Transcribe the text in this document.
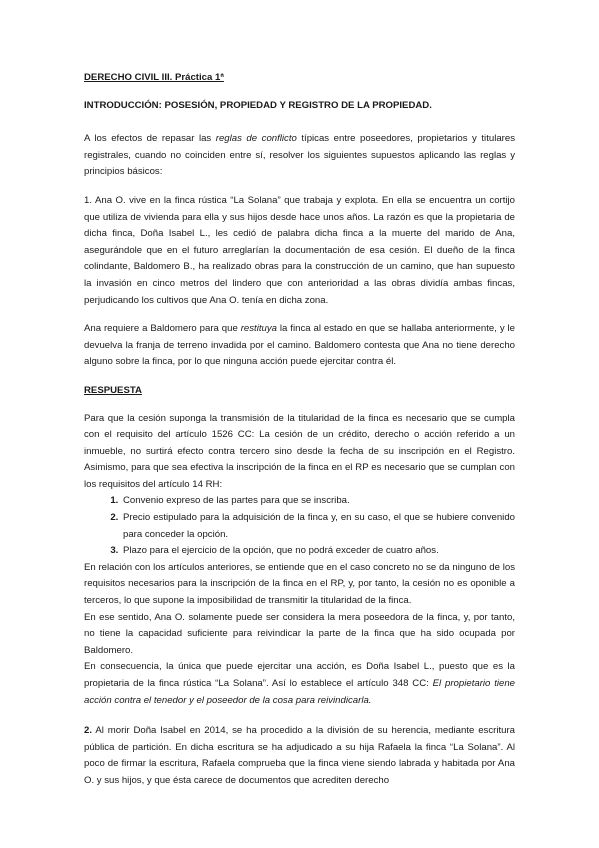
DERECHO CIVIL III. Práctica 1ª

INTRODUCCIÓN: POSESIÓN, PROPIEDAD Y REGISTRO DE LA PROPIEDAD.

A los efectos de repasar las reglas de conflicto típicas entre poseedores, propietarios y titulares registrales, cuando no coinciden entre sí, resolver los siguientes supuestos aplicando las reglas y principios básicos:

1. Ana O. vive en la finca rústica “La Solana” que trabaja y explota. En ella se encuentra un cortijo que utiliza de vivienda para ella y sus hijos desde hace unos años. La razón es que la propietaria de dicha finca, Doña Isabel L., les cedió de palabra dicha finca a la muerte del marido de Ana, asegurándole que en el futuro arreglarían la documentación de esa cesión. El dueño de la finca colindante, Baldomero B., ha realizado obras para la construcción de un camino, que han supuesto la invasión en cinco metros del lindero que con anterioridad a las obras dividía ambas fincas, perjudicando los cultivos que Ana O. tenía en dicha zona.

Ana requiere a Baldomero para que restituya la finca al estado en que se hallaba anteriormente, y le devuelva la franja de terreno invadida por el camino. Baldomero contesta que Ana no tiene derecho alguno sobre la finca, por lo que ninguna acción puede ejercitar contra él.

RESPUESTA

Para que la cesión suponga la transmisión de la titularidad de la finca es necesario que se cumpla con el requisito del artículo 1526 CC: La cesión de un crédito, derecho o acción referido a un inmueble, no surtirá efecto contra tercero sino desde la fecha de su inscripción en el Registro. Asimismo, para que sea efectiva la inscripción de la finca en el RP es necesario que se cumplan con los requisitos del artículo 14 RH:

1. Convenio expreso de las partes para que se inscriba.
2. Precio estipulado para la adquisición de la finca y, en su caso, el que se hubiere convenido para conceder la opción.
3. Plazo para el ejercicio de la opción, que no podrá exceder de cuatro años.

En relación con los artículos anteriores, se entiende que en el caso concreto no se da ninguno de los requisitos necesarios para la inscripción de la finca en el RP, y, por tanto, la cesión no es oponible a terceros, lo que supone la imposibilidad de transmitir la titularidad de la finca.

En ese sentido, Ana O. solamente puede ser considera la mera poseedora de la finca, y, por tanto, no tiene la capacidad suficiente para reivindicar la parte de la finca que ha sido ocupada por Baldomero.

En consecuencia, la única que puede ejercitar una acción, es Doña Isabel L., puesto que es la propietaria de la finca rústica “La Solana”. Así lo establece el artículo 348 CC: El propietario tiene acción contra el tenedor y el poseedor de la cosa para reivindicarla.

2. Al morir Doña Isabel en 2014, se ha procedido a la división de su herencia, mediante escritura pública de partición. En dicha escritura se ha adjudicado a su hija Rafaela la finca “La Solana”. Al poco de firmar la escritura, Rafaela comprueba que la finca viene siendo labrada y habitada por Ana O. y sus hijos, y que ésta carece de documentos que acrediten derecho
